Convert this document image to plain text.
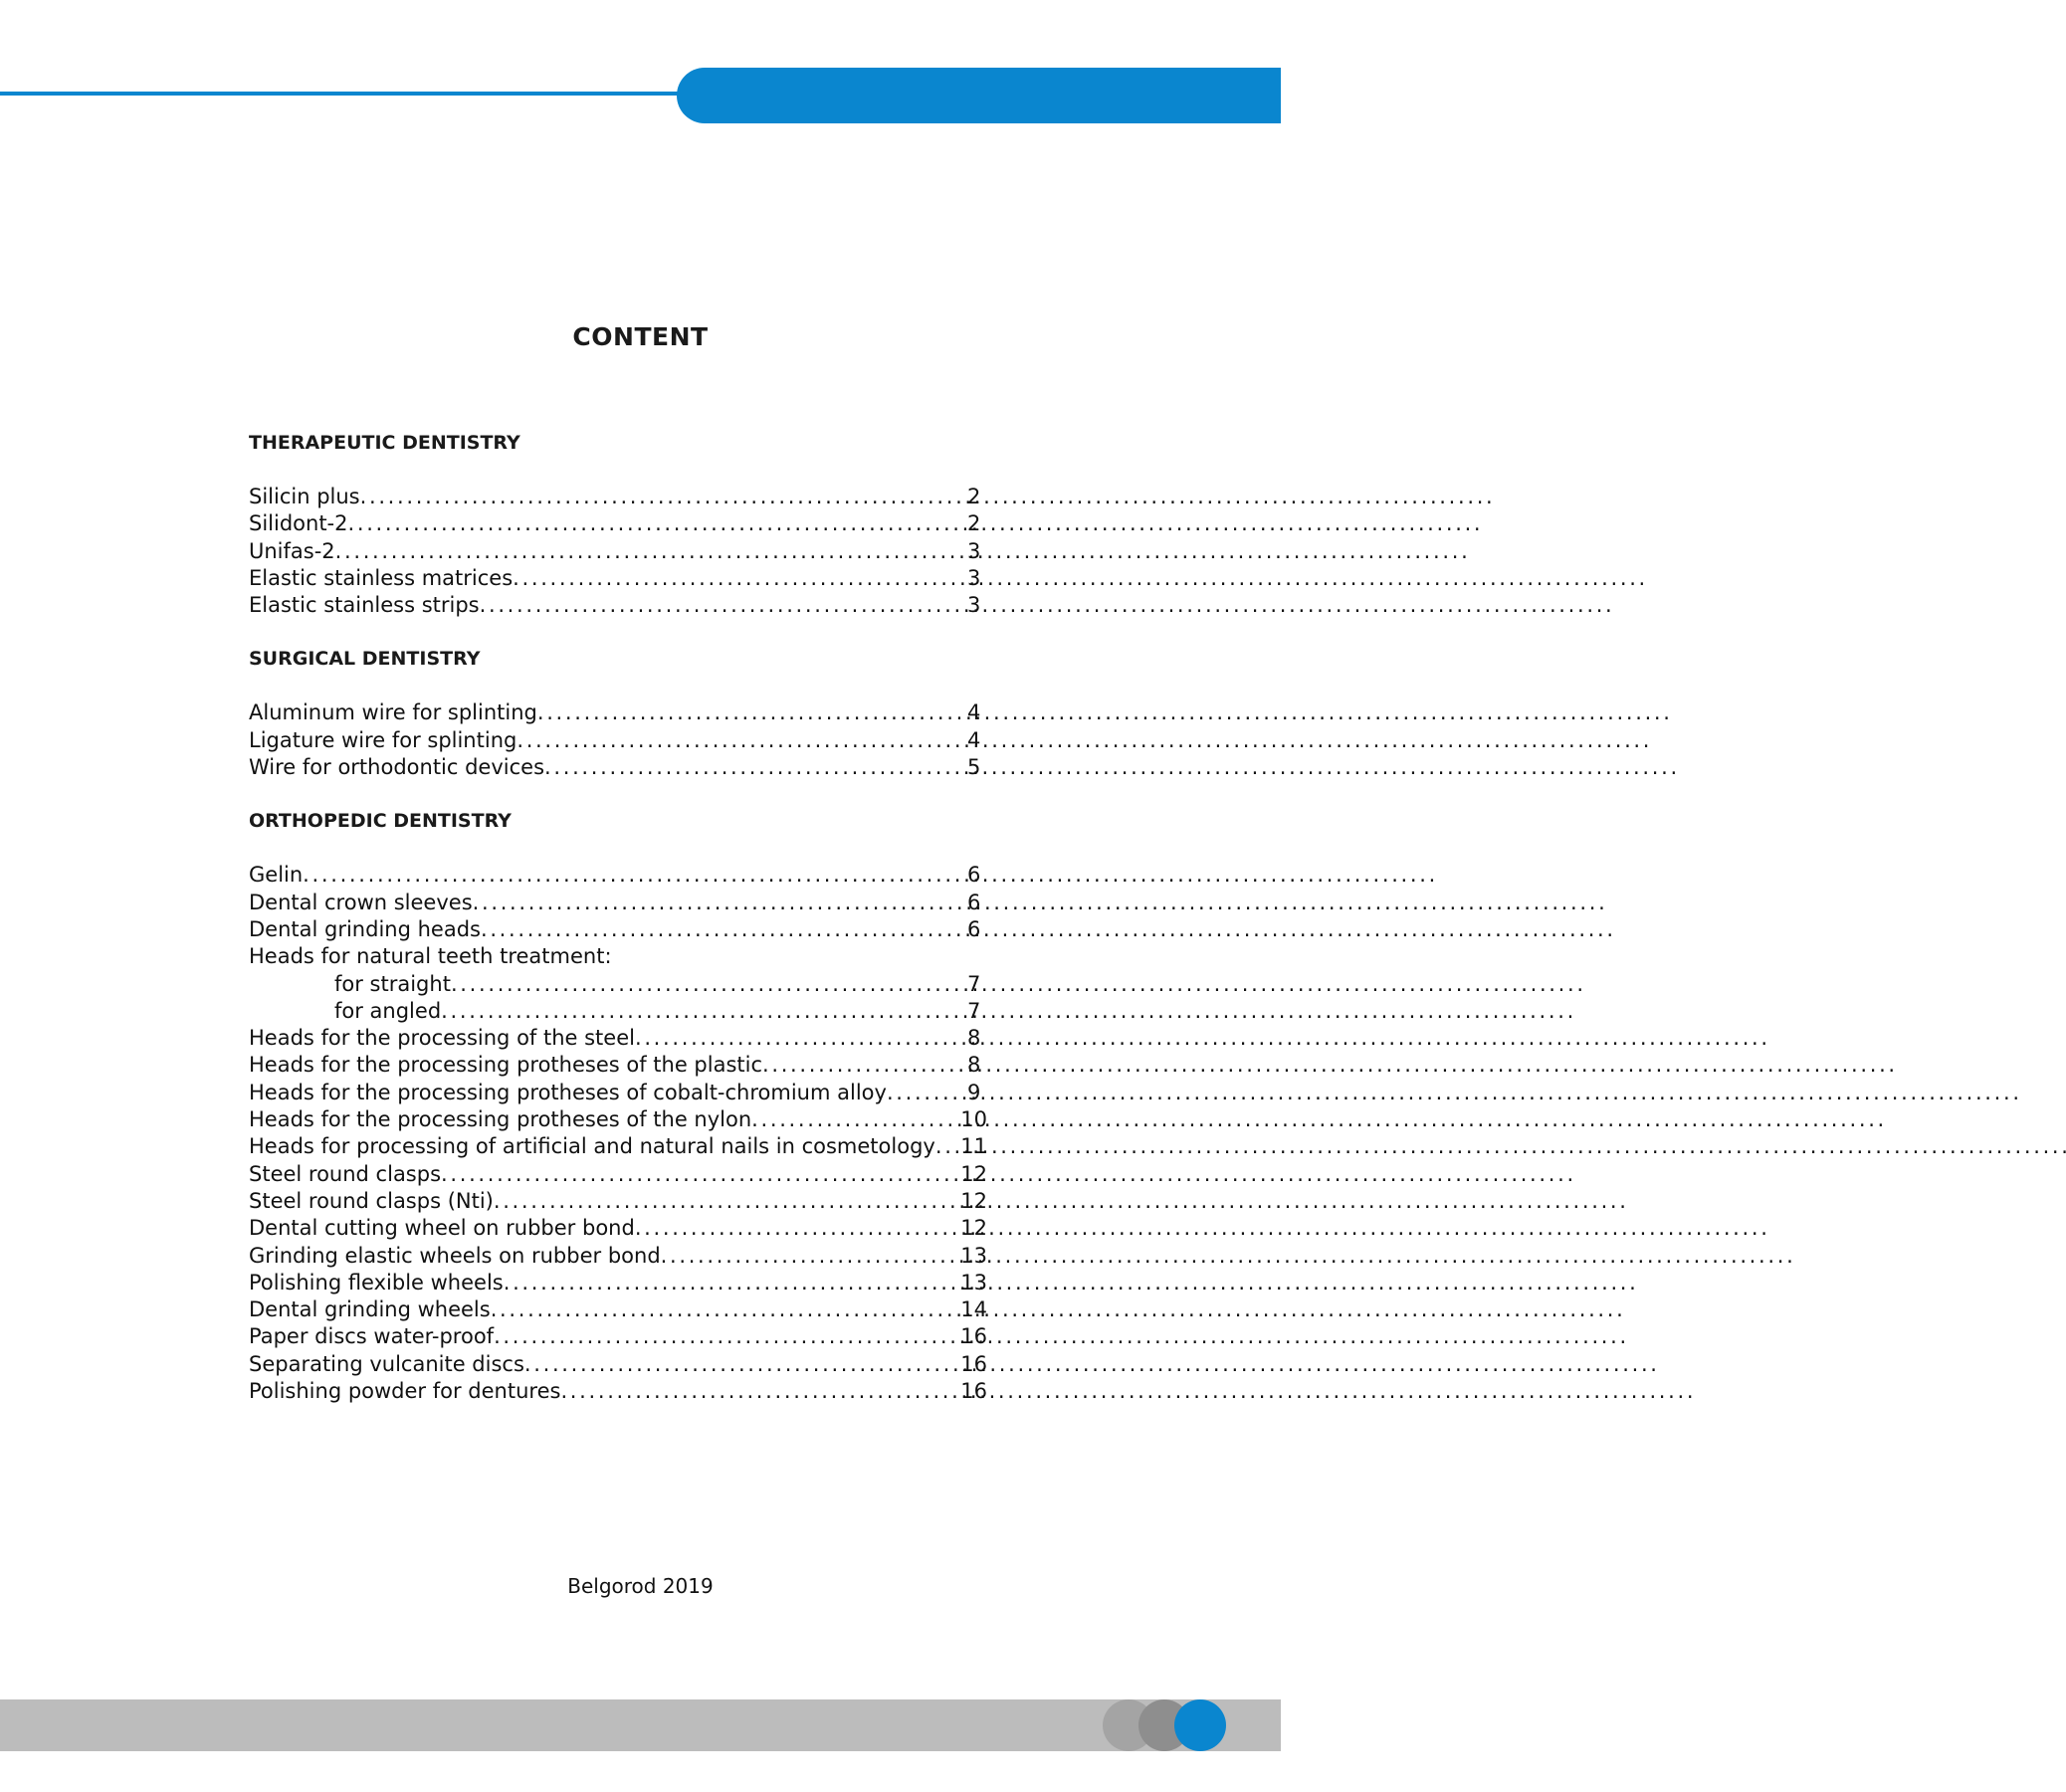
CONTENT
THERAPEUTIC DENTISTRY
Silicin plus . . .	2
Silidont-2 . . .	2
Unifas-2 . . .	3
Elastic stainless matrices . . .	3
Elastic stainless strips . . .	3
SURGICAL DENTISTRY
Aluminum wire for splinting . . .	4
Ligature wire for splinting . . .	4
Wire for orthodontic devices . . .	5
ORTHOPEDIC DENTISTRY
Gelin . . .	6
Dental crown sleeves . . .	6
Dental grinding heads . . .	6
Heads for natural teeth treatment:
for straight . . .	7
for angled . . .	7
Heads for the processing of the steel . . .	8
Heads for the processing protheses of the plastic . . .	8
Heads for the processing protheses of cobalt-chromium alloy . . .	9
Heads for the processing protheses of the nylon . . .	10
Heads for processing of artificial and natural nails in cosmetology . . . 11
Steel round clasps . . .	12
Steel round clasps (Nti) . . .	12
Dental cutting wheel on rubber bond . . .	12
Grinding elastic wheels on rubber bond . . .	13
Polishing flexible wheels . . .	13
Dental grinding wheels . . .	14
Paper discs water-proof . . .	16
Separating vulcanite discs . . .	16
Polishing powder for dentures . . .	16
Belgorod 2019
